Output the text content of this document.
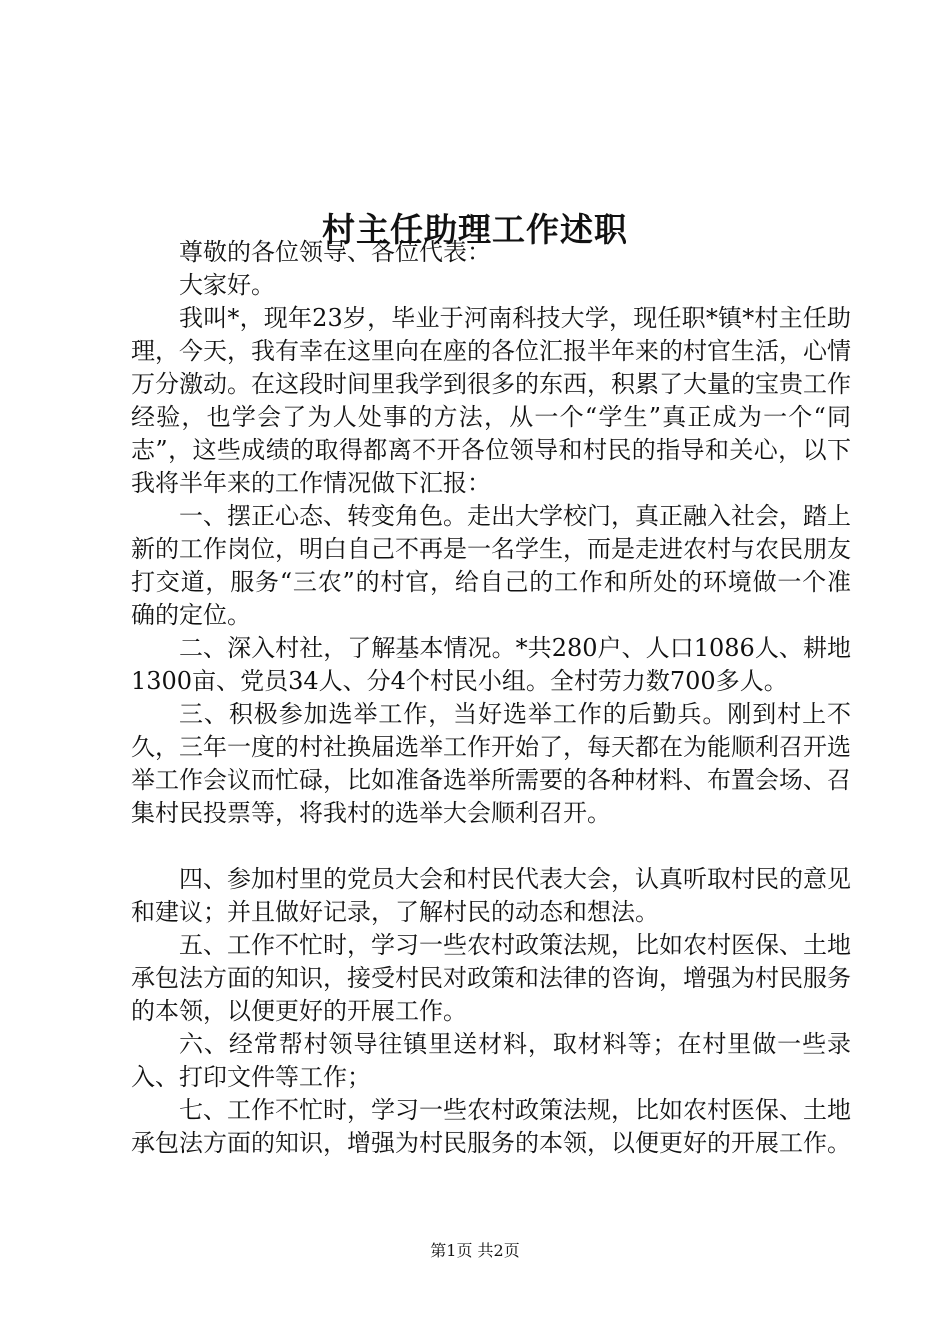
村主任助理工作述职

尊敬的各位领导、各位代表：

大家好。

我叫*，现年23岁，毕业于河南科技大学，现任职*镇*村主任助理，今天，我有幸在这里向在座的各位汇报半年来的村官生活，心情万分激动。在这段时间里我学到很多的东西，积累了大量的宝贵工作经验，也学会了为人处事的方法，从一个“学生”真正成为一个“同志”，这些成绩的取得都离不开各位领导和村民的指导和关心，以下我将半年来的工作情况做下汇报：

一、摆正心态、转变角色。走出大学校门，真正融入社会，踏上新的工作岗位，明白自己不再是一名学生，而是走进农村与农民朋友打交道，服务“三农”的村官，给自己的工作和所处的环境做一个准确的定位。

二、深入村社，了解基本情况。*共280户、人口1086人、耕地1300亩、党员34人、分4个村民小组。全村劳力数700多人。

三、积极参加选举工作，当好选举工作的后勤兵。刚到村上不久，三年一度的村社换届选举工作开始了，每天都在为能顺利召开选举工作会议而忙碌，比如准备选举所需要的各种材料、布置会场、召集村民投票等，将我村的选举大会顺利召开。

四、参加村里的党员大会和村民代表大会，认真听取村民的意见和建议；并且做好记录，了解村民的动态和想法。

五、工作不忙时，学习一些农村政策法规，比如农村医保、土地承包法方面的知识，接受村民对政策和法律的咨询，增强为村民服务的本领，以便更好的开展工作。

六、经常帮村领导往镇里送材料，取材料等；在村里做一些录入、打印文件等工作；

七、工作不忙时，学习一些农村政策法规，比如农村医保、土地承包法方面的知识，增强为村民服务的本领，以便更好的开展工作。

第1页 共2页
